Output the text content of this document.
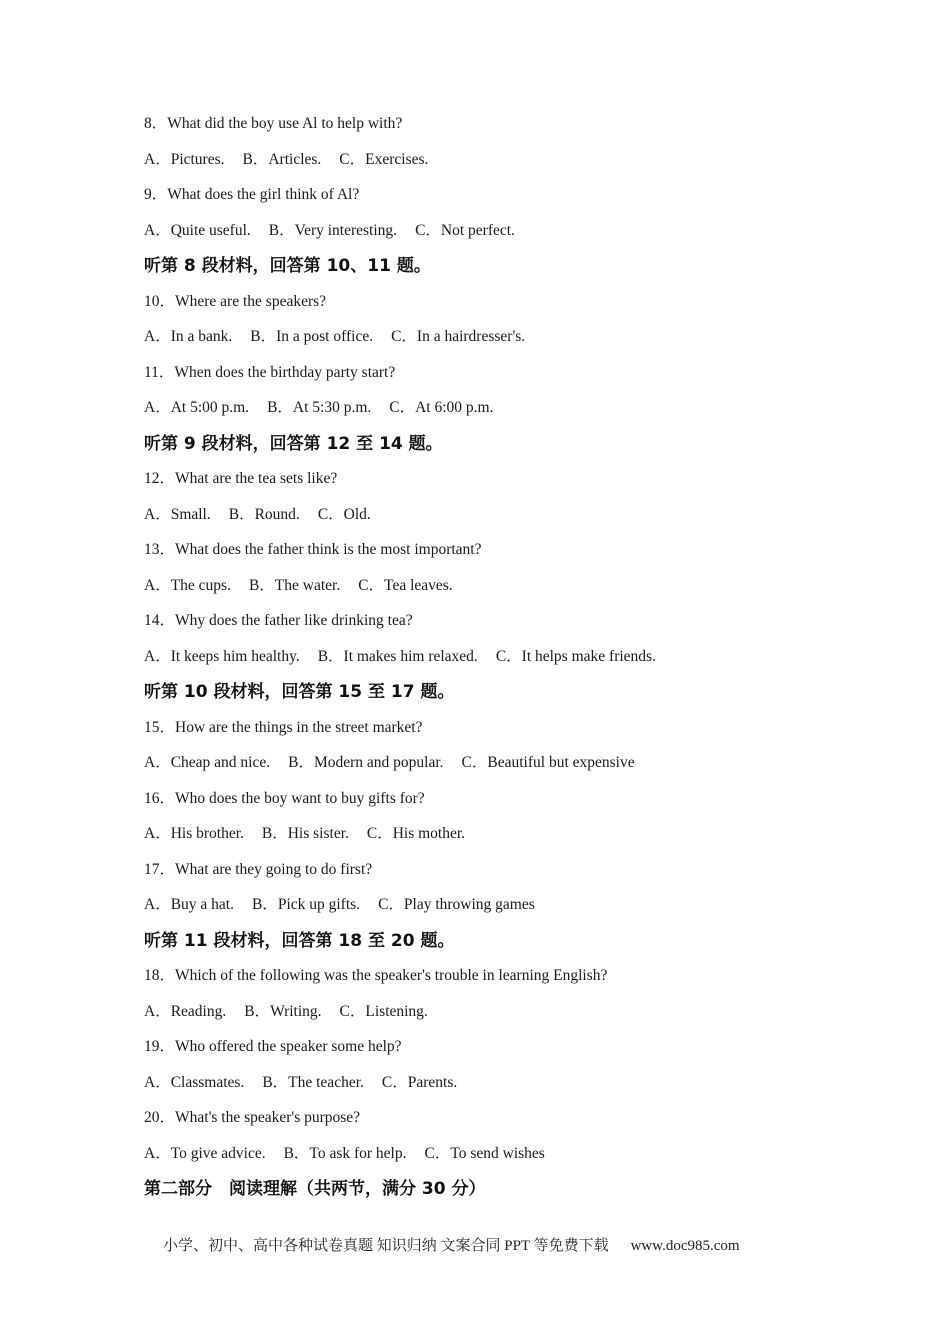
8．What did the boy use Al to help with?
A．Pictures. B．Articles. C．Exercises.
9．What does the girl think of Al?
A．Quite useful. B．Very interesting. C．Not perfect.
听第 8 段材料，回答第 10、11 题。
10．Where are the speakers?
A．In a bank. B．In a post office. C．In a hairdresser's.
11．When does the birthday party start?
A．At 5:00 p.m. B．At 5:30 p.m. C．At 6:00 p.m.
听第 9 段材料，回答第 12 至 14 题。
12．What are the tea sets like?
A．Small. B．Round. C．Old.
13．What does the father think is the most important?
A．The cups. B．The water. C．Tea leaves.
14．Why does the father like drinking tea?
A．It keeps him healthy. B．It makes him relaxed. C．It helps make friends.
听第 10 段材料，回答第 15 至 17 题。
15．How are the things in the street market?
A．Cheap and nice. B．Modern and popular. C．Beautiful but expensive
16．Who does the boy want to buy gifts for?
A．His brother. B．His sister. C．His mother.
17．What are they going to do first?
A．Buy a hat. B．Pick up gifts. C．Play throwing games
听第 11 段材料，回答第 18 至 20 题。
18．Which of the following was the speaker's trouble in learning English?
A．Reading. B．Writing. C．Listening.
19．Who offered the speaker some help?
A．Classmates. B．The teacher. C．Parents.
20．What's the speaker's purpose?
A．To give advice. B．To ask for help. C．To send wishes
第二部分　阅读理解（共两节，满分 30 分）
小学、初中、高中各种试卷真题 知识归纳 文案合同 PPT 等免费下载 www.doc985.com
